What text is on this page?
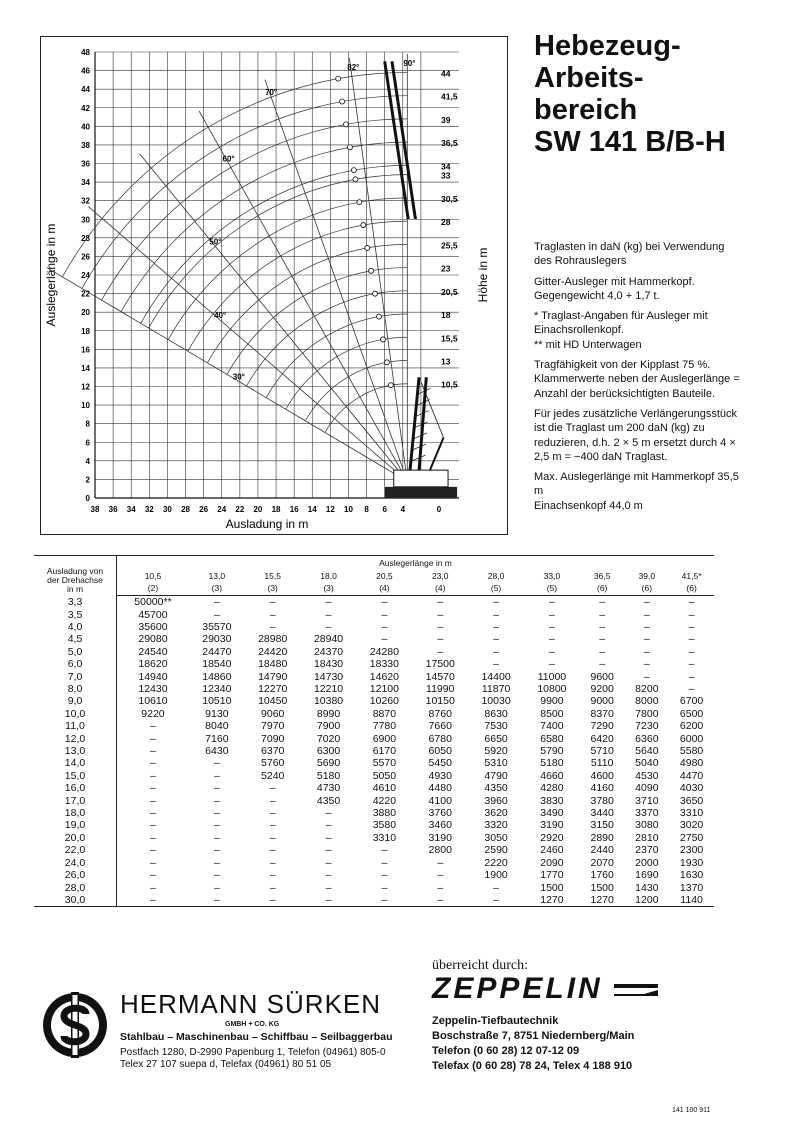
0
2
4
6
8
10
12
14
16
18
20
22
24
26
28
30
32
34
36
38
40
42
44
46
48
38 36 34 32 30 28 26 24 22 20 18 16 14 12 10 8 6 4	0
Ausladung in m
Auslegerlänge in m	Höhe in m
10,5
13
15,5
18
20,5
23
25,5
28
30,5
33
34
36,5
39
41,5
44
30°
40°
50°
60°
70°
82°	90°
Hebezeug-
Arbeits-
bereich
SW 141 B/B-H

Traglasten in daN (kg) bei Verwendung des Rohrauslegers

Gitter-Ausleger mit Hammerkopf. Gegengewicht 4,0 + 1,7 t.

* Traglast-Angaben für Ausleger mit Einachsrollenkopf.

** mit HD Unterwagen

Tragfähigkeit von der Kipplast 75 %. Klammerwerte neben der Auslegerlänge = Anzahl der berücksichtigten Bauteile.

Für jedes zusätzliche Verlängerungsstück ist die Traglast um 200 daN (kg) zu reduzieren, d.h. 2 × 5 m ersetzt durch 4 × 2,5 m = −400 daN Traglast.

Max. Auslegerlänge mit Hammerkopf 35,5 m

Einachsenkopf 44,0 m

Ausladung von
der Drehachse
in m	Auslegerlänge in m										
	10,5	13,0	15,5	18,0	20,5	23,0	28,0	33,0	36,5	39,0	41,5*
	(2)	(3)	(3)	(3)	(4)	(4)	(5)	(5)	(6)	(6)	(6)
3,3	50000**	–	–	–	–	–	–	–	–	–	–
3,5	45700	–	–	–	–	–	–	–	–	–	–
4,0	35600	35570	–	–	–	–	–	–	–	–	–
4,5	29080	29030	28980	28940	–	–	–	–	–	–	–
5,0	24540	24470	24420	24370	24280	–	–	–	–	–	–
6,0	18620	18540	18480	18430	18330	17500	–	–	–	–	–
7,0	14940	14860	14790	14730	14620	14570	14400	11000	9600	–	–
8,0	12430	12340	12270	12210	12100	11990	11870	10800	9200	8200	–
9,0	10610	10510	10450	10380	10260	10150	10030	9900	9000	8000	6700
10,0	9220	9130	9060	8990	8870	8760	8630	8500	8370	7800	6500
11,0	–	8040	7970	7900	7780	7660	7530	7400	7290	7230	6200
12,0	–	7160	7090	7020	6900	6780	6650	6580	6420	6360	6000
13,0	–	6430	6370	6300	6170	6050	5920	5790	5710	5640	5580
14,0	–	–	5760	5690	5570	5450	5310	5180	5110	5040	4980
15,0	–	–	5240	5180	5050	4930	4790	4660	4600	4530	4470
16,0	–	–	–	4730	4610	4480	4350	4280	4160	4090	4030
17,0	–	–	–	4350	4220	4100	3960	3830	3780	3710	3650
18,0	–	–	–	–	3880	3760	3620	3490	3440	3370	3310
19,0	–	–	–	–	3580	3460	3320	3190	3150	3080	3020
20,0	–	–	–	–	3310	3190	3050	2920	2890	2810	2750
22,0	–	–	–	–	–	2800	2590	2460	2440	2370	2300
24,0	–	–	–	–	–	–	2220	2090	2070	2000	1930
26,0	–	–	–	–	–	–	1900	1770	1760	1690	1630
28,0	–	–	–	–	–	–	–	1500	1500	1430	1370
30,0	–	–	–	–	–	–	–	1270	1270	1200	1140
HERMANN SÜRKEN
GMBH + CO. KG
Stahlbau – Maschinenbau – Schiffbau – Seilbaggerbau
Postfach 1280, D-2990 Papenburg 1, Telefon (04961) 805-0
Telex 27 107 suepa d, Telefax (04961) 80 51 05
überreicht durch:
ZEPPELIN
Zeppelin-Tiefbautechnik
Boschstraße 7, 8751 Niedernberg/Main
Telefon (0 60 28) 12 07-12 09
Telefax (0 60 28) 78 24, Telex 4 188 910
141 100 911
